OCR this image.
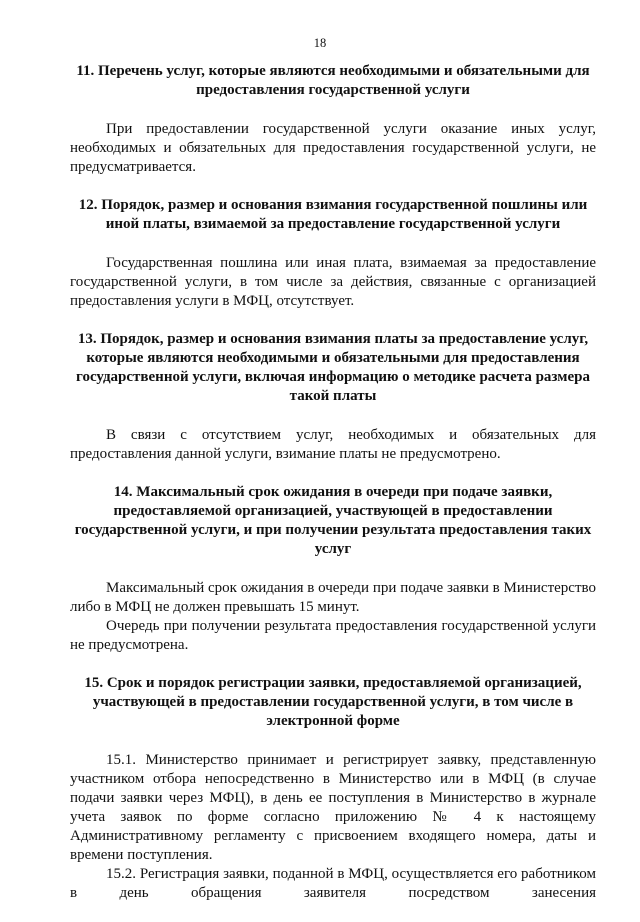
18
11. Перечень услуг, которые являются необходимыми и обязательными для предоставления государственной услуги

При предоставлении государственной услуги оказание иных услуг, необходимых и обязательных для предоставления государственной услуги, не предусматривается.

12. Порядок, размер и основания взимания государственной пошлины или иной платы, взимаемой за предоставление государственной услуги

Государственная пошлина или иная плата, взимаемая за предоставление государственной услуги, в том числе за действия, связанные с организацией предоставления услуги в МФЦ, отсутствует.

13. Порядок, размер и основания взимания платы за предоставление услуг, которые являются необходимыми и обязательными для предоставления государственной услуги, включая информацию о методике расчета размера такой платы

В связи с отсутствием услуг, необходимых и обязательных для предоставления данной услуги, взимание платы не предусмотрено.

14. Максимальный срок ожидания в очереди при подаче заявки, предоставляемой организацией, участвующей в предоставлении государственной услуги, и при получении результата предоставления таких услуг

Максимальный срок ожидания в очереди при подаче заявки в Министерство либо в МФЦ не должен превышать 15 минут.

Очередь при получении результата предоставления государственной услуги не предусмотрена.

15. Срок и порядок регистрации заявки, предоставляемой организацией, участвующей в предоставлении государственной услуги, в том числе в электронной форме

15.1. Министерство принимает и регистрирует заявку, представленную участником отбора непосредственно в Министерство или в МФЦ (в случае подачи заявки через МФЦ), в день ее поступления в Министерство в журнале учета заявок по форме согласно приложению № 4 к настоящему Административному регламенту с присвоением входящего номера, даты и времени поступления.

15.2. Регистрация заявки, поданной в МФЦ, осуществляется его работником в день обращения заявителя посредством занесения
